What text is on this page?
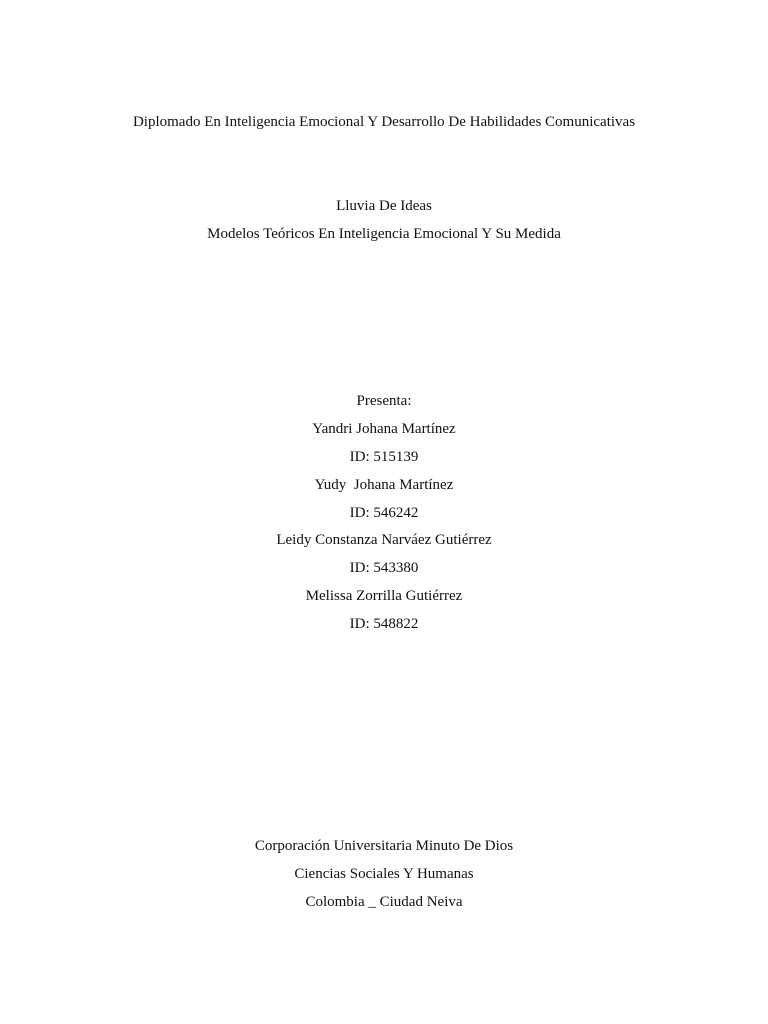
Diplomado En Inteligencia Emocional Y Desarrollo De Habilidades Comunicativas
Lluvia De Ideas
Modelos Teóricos En Inteligencia Emocional Y Su Medida
Presenta:
Yandri Johana Martínez
ID: 515139
Yudy  Johana Martínez
ID: 546242
Leidy Constanza Narváez Gutiérrez
ID: 543380
Melissa Zorrilla Gutiérrez
ID: 548822
Corporación Universitaria Minuto De Dios
Ciencias Sociales Y Humanas
Colombia _ Ciudad Neiva
